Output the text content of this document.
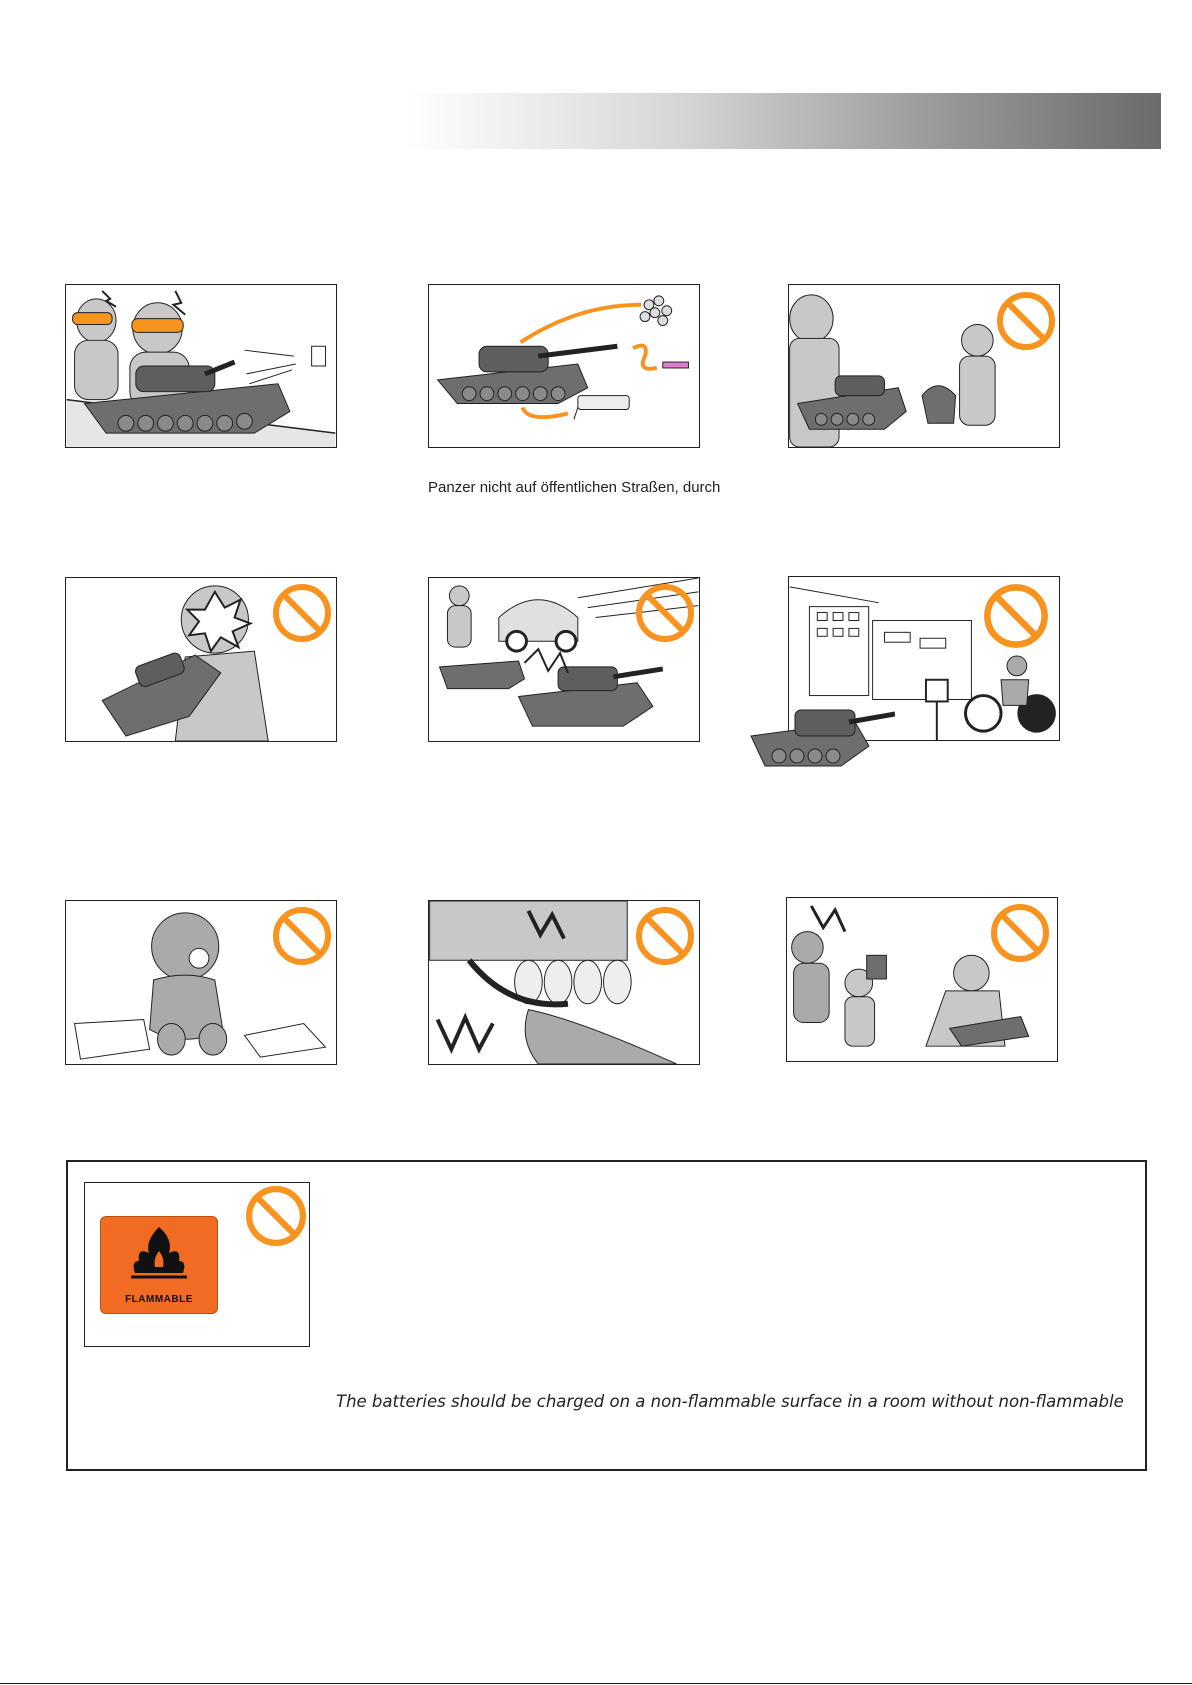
Panzer nicht auf öffentlichen Straßen, durch
FLAMMABLE
The batteries should be charged on a non-flammable surface in a room without non-flammable
